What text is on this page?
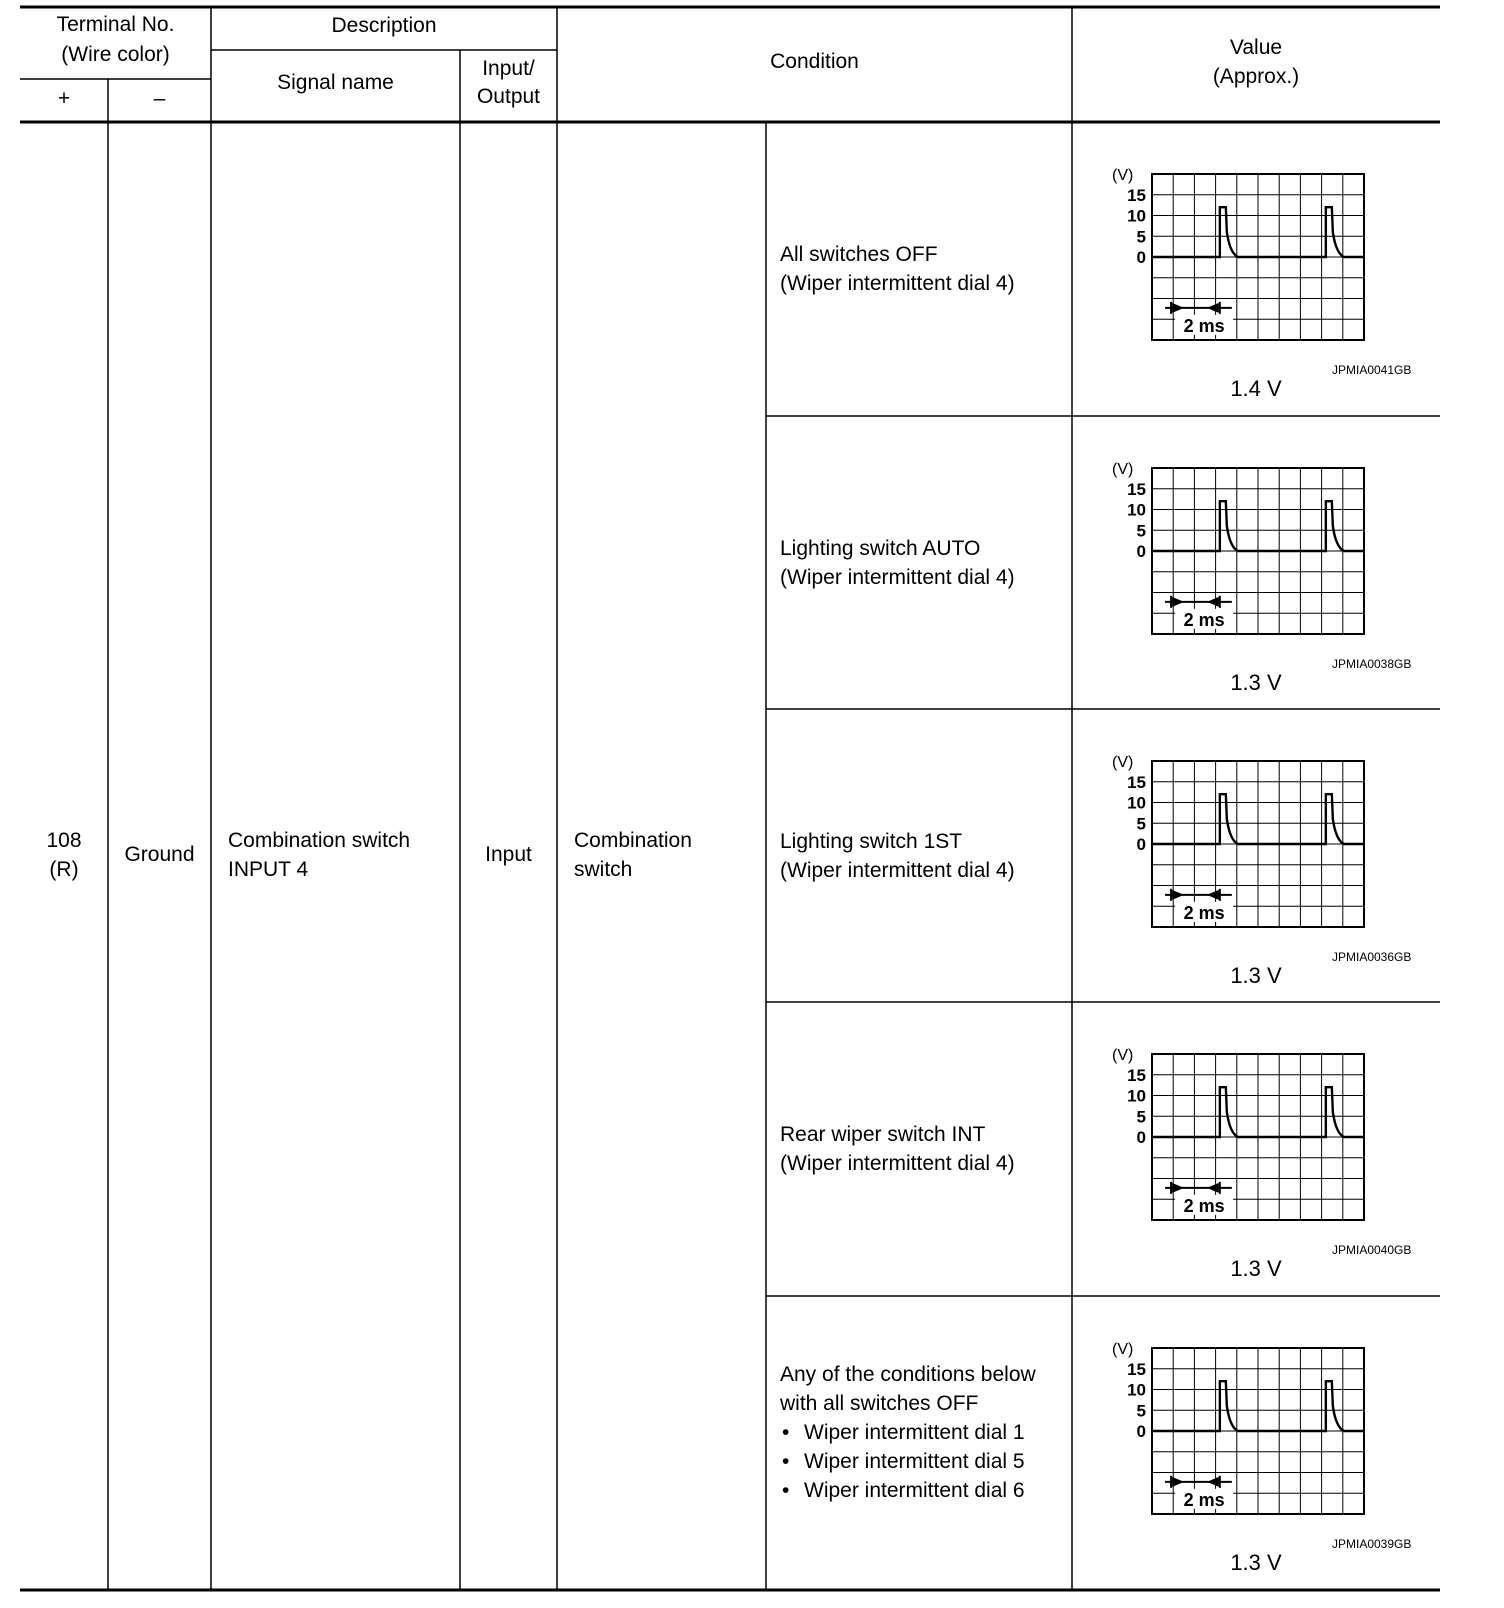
Terminal No.
(Wire color)
+	–
Description
Signal name
Input/
Output
Condition
Value
(Approx.)
108
(R)
Ground
Combination switch
INPUT 4
Input
Combination
switch
All switches OFF
(Wiper intermittent dial 4)
(V)
15
10
5
0
2 ms
JPMIA0041GB
1.4 V
Lighting switch AUTO
(Wiper intermittent dial 4)
(V)
15
10
5
0
2 ms
JPMIA0038GB
1.3 V
Lighting switch 1ST
(Wiper intermittent dial 4)
(V)
15
10
5
0
2 ms
JPMIA0036GB
1.3 V
Rear wiper switch INT
(Wiper intermittent dial 4)
(V)
15
10
5
0
2 ms
JPMIA0040GB
1.3 V
Any of the conditions below
with all switches OFF
• Wiper intermittent dial 1
• Wiper intermittent dial 5
• Wiper intermittent dial 6
(V)
15
10
5
0
2 ms
JPMIA0039GB
1.3 V
